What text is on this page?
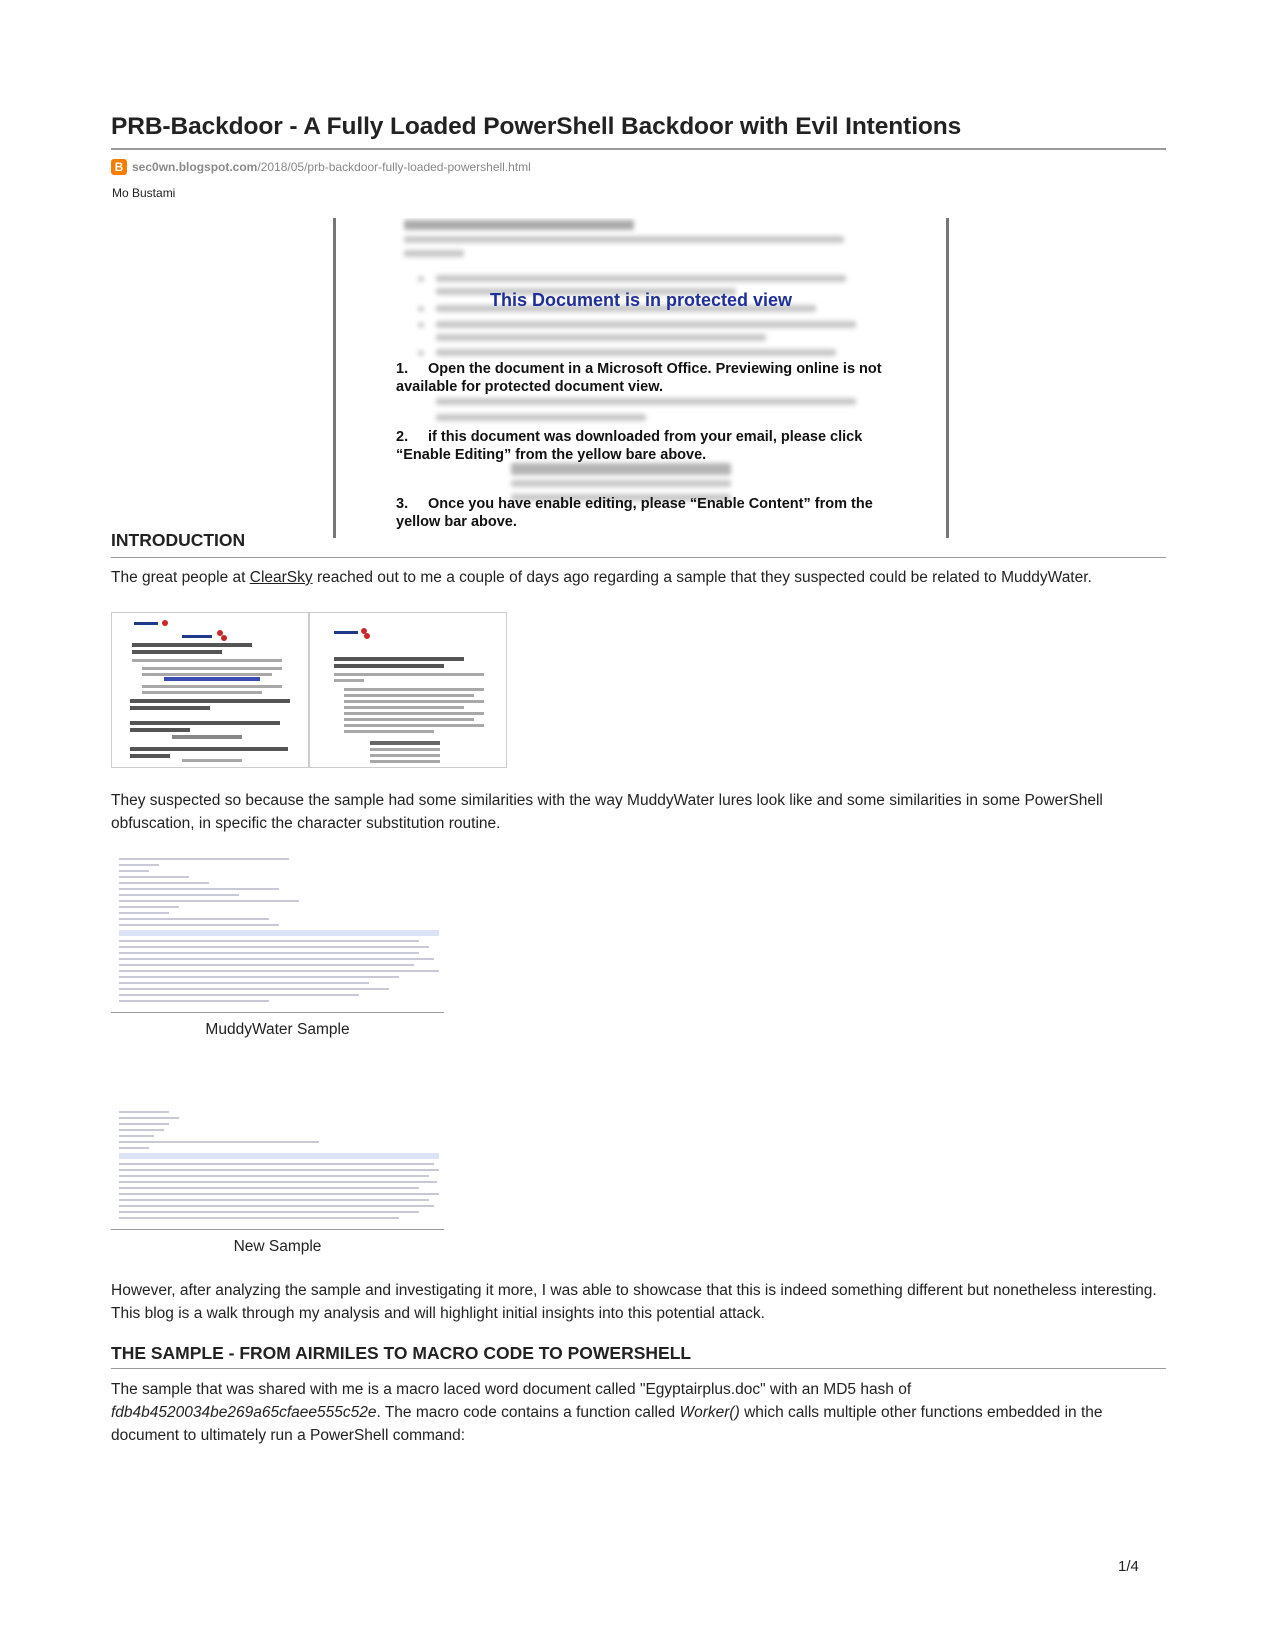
PRB-Backdoor - A Fully Loaded PowerShell Backdoor with Evil Intentions
B sec0wn.blogspot.com /2018/05/prb-backdoor-fully-loaded-powershell.html
Mo Bustami
This Document is in protected view
1. Open the document in a Microsoft Office. Previewing online is not available for protected document view.
2. if this document was downloaded from your email, please click “Enable Editing” from the yellow bare above.
3. Once you have enable editing, please “Enable Content” from the yellow bar above.
INTRODUCTION

The great people at ClearSky reached out to me a couple of days ago regarding a sample that they suspected could be related to MuddyWater.

They suspected so because the sample had some similarities with the way MuddyWater lures look like and some similarities in some PowerShell obfuscation, in specific the character substitution routine.

MuddyWater Sample
New Sample

However, after analyzing the sample and investigating it more, I was able to showcase that this is indeed something different but nonetheless interesting. This blog is a walk through my analysis and will highlight initial insights into this potential attack.

THE SAMPLE - FROM AIRMILES TO MACRO CODE TO POWERSHELL

The sample that was shared with me is a macro laced word document called "Egyptairplus.doc" with an MD5 hash of fdb4b4520034be269a65cfaee555c52e. The macro code contains a function called Worker() which calls multiple other functions embedded in the document to ultimately run a PowerShell command:

1/4
